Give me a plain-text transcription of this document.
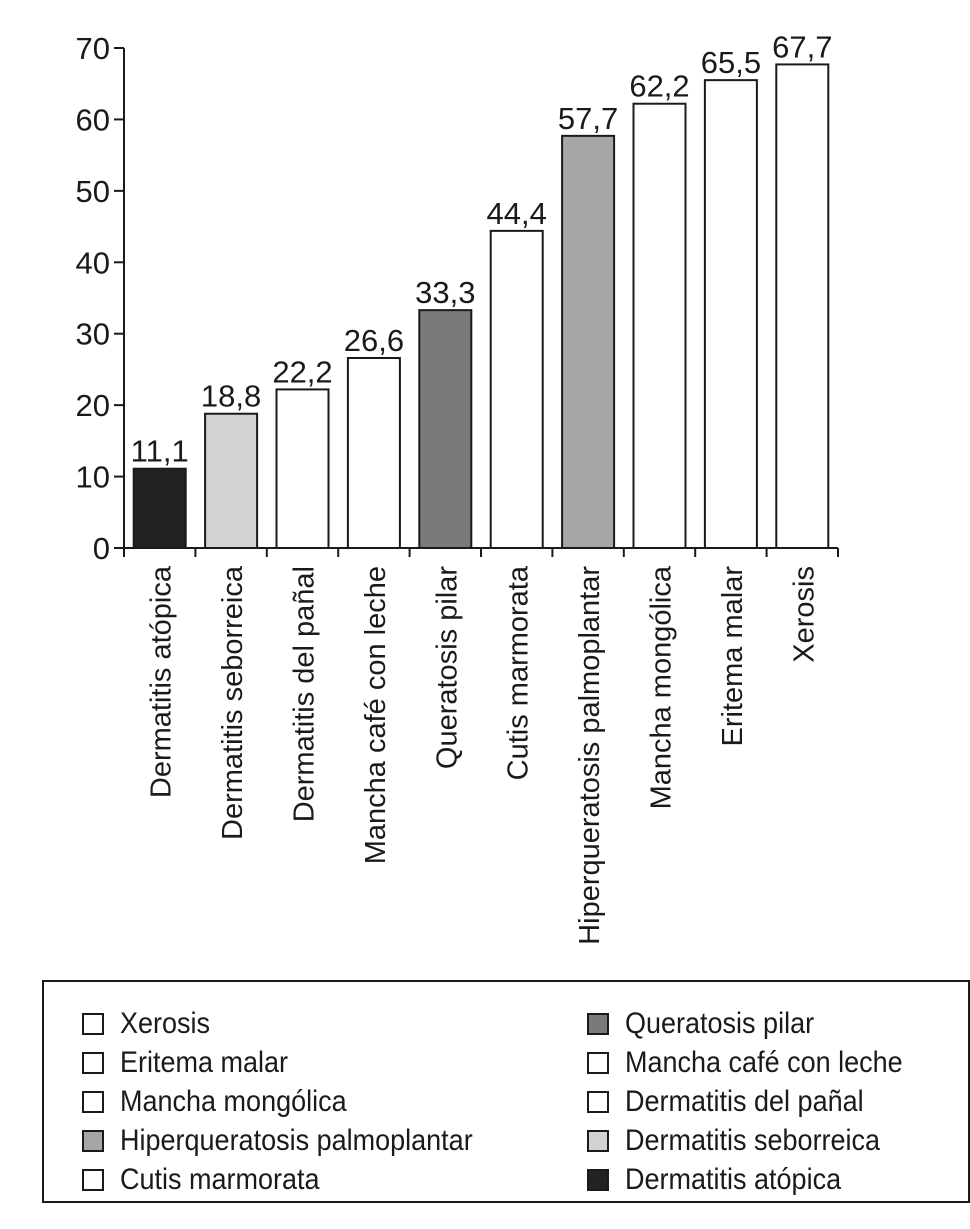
0
10
20
30
40
50
60
70
11,1
18,8
22,2
26,6
33,3
44,4
57,7
62,2
65,5 67,7
Dermatitis atópica Dermatitis seborreica Dermatitis del pañal Mancha café con leche Queratosis pilar Cutis marmorata Hiperqueratosis palmoplantar Mancha mongólica Eritema malar Xerosis
Xerosis
Eritema malar
Mancha mongólica
Hiperqueratosis palmoplantar
Cutis marmorata
Queratosis pilar
Mancha café con leche
Dermatitis del pañal
Dermatitis seborreica
Dermatitis atópica
